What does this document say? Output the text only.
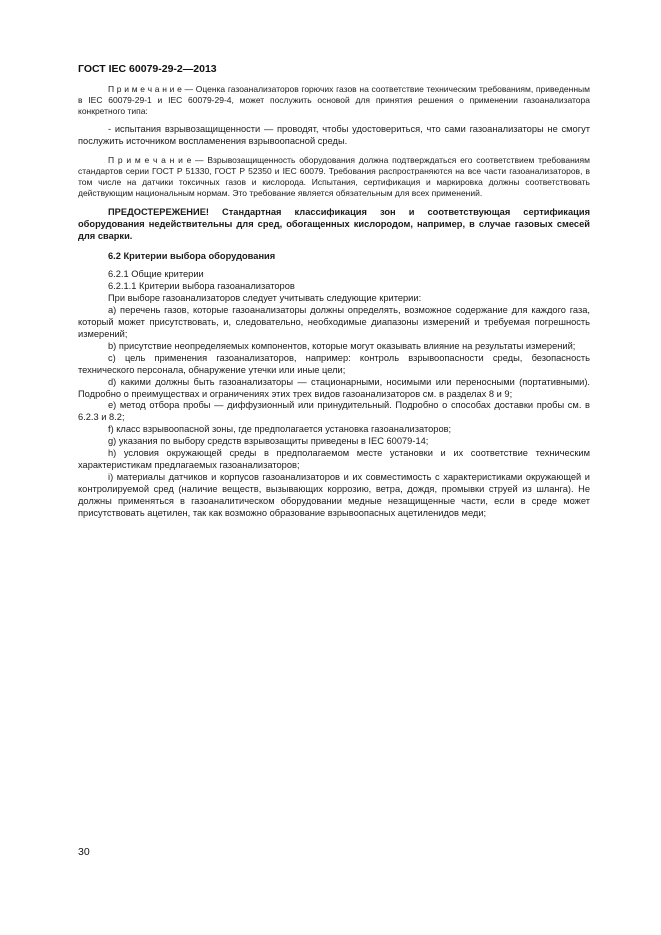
ГОСТ IEC 60079-29-2—2013

П р и м е ч а н и е — Оценка газоанализаторов горючих газов на соответствие техническим требованиям, приведенным в IEC 60079-29-1 и IEC 60079-29-4, может послужить основой для принятия решения о применении газоанализатора конкретного типа:

- испытания взрывозащищенности — проводят, чтобы удостовериться, что сами газоанализаторы не смогут послужить источником воспламенения взрывоопасной среды.

П р и м е ч а н и е — Взрывозащищенность оборудования должна подтверждаться его соответствием требованиям стандартов серии ГОСТ Р 51330, ГОСТ Р 52350 и IEC 60079. Требования распространяются на все части газоанализаторов, в том числе на датчики токсичных газов и кислорода. Испытания, сертификация и маркировка должны соответствовать действующим национальным нормам. Это требование является обязательным для всех применений.

ПРЕДОСТЕРЕЖЕНИЕ! Стандартная классификация зон и соответствующая сертификация оборудования недействительны для сред, обогащенных кислородом, например, в случае газовых смесей для сварки.

6.2 Критерии выбора оборудования

6.2.1 Общие критерии

6.2.1.1 Критерии выбора газоанализаторов

При выборе газоанализаторов следует учитывать следующие критерии:

a) перечень газов, которые газоанализаторы должны определять, возможное содержание для каждого газа, который может присутствовать, и, следовательно, необходимые диапазоны измерений и требуемая погрешность измерений;

b) присутствие неопределяемых компонентов, которые могут оказывать влияние на результаты измерений;

c) цель применения газоанализаторов, например: контроль взрывоопасности среды, безопасность технического персонала, обнаружение утечки или иные цели;

d) какими должны быть газоанализаторы — стационарными, носимыми или переносными (портативными). Подробно о преимуществах и ограничениях этих трех видов газоанализаторов см. в разделах 8 и 9;

e) метод отбора пробы — диффузионный или принудительный. Подробно о способах доставки пробы см. в 6.2.3 и 8.2;

f) класс взрывоопасной зоны, где предполагается установка газоанализаторов;

g) указания по выбору средств взрывозащиты приведены в IEC 60079-14;

h) условия окружающей среды в предполагаемом месте установки и их соответствие техническим характеристикам предлагаемых газоанализаторов;

i) материалы датчиков и корпусов газоанализаторов и их совместимость с характеристиками окружающей и контролируемой сред (наличие веществ, вызывающих коррозию, ветра, дождя, промывки струей из шланга). Не должны применяться в газоаналитическом оборудовании медные незащищенные части, если в среде может присутствовать ацетилен, так как возможно образование взрывоопасных ацетиленидов меди;

30
